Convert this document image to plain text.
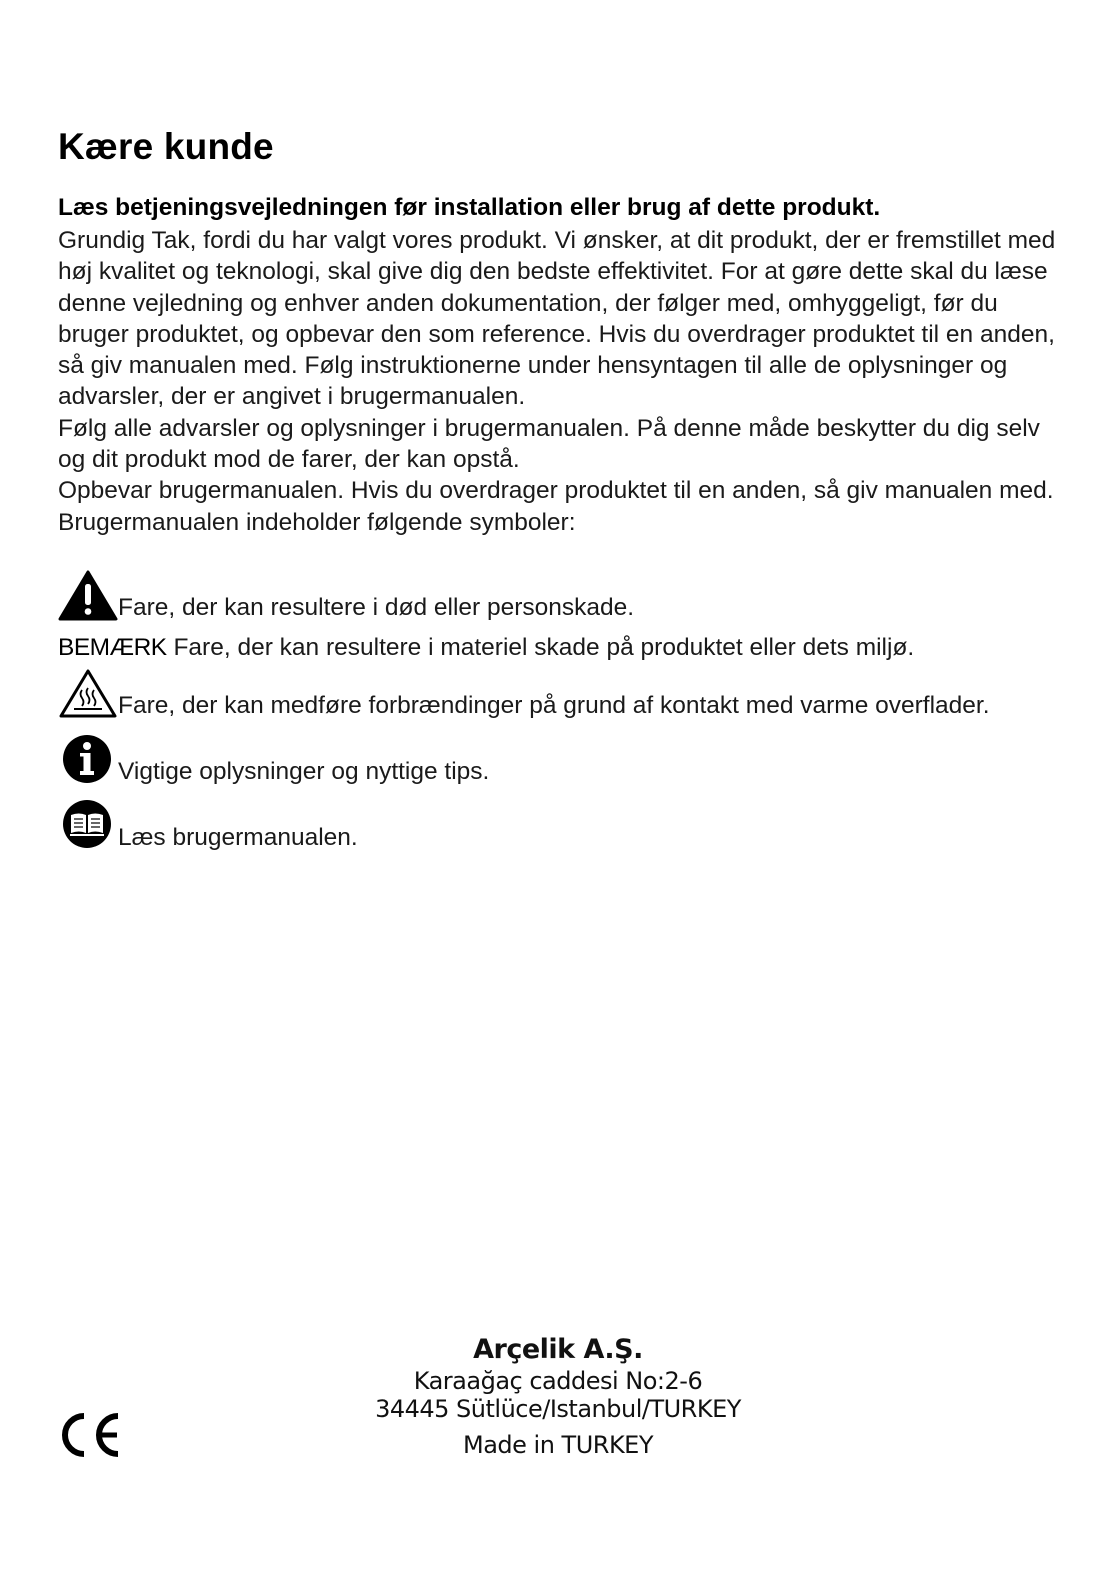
Kære kunde

Læs betjeningsvejledningen før installation eller brug af dette produkt.

Grundig Tak, fordi du har valgt vores produkt. Vi ønsker, at dit produkt, der er fremstillet med høj kvalitet og teknologi, skal give dig den bedste effektivitet. For at gøre dette skal du læse denne vejledning og enhver anden dokumentation, der følger med, omhyggeligt, før du bruger produktet, og opbevar den som reference. Hvis du overdrager produktet til en anden, så giv manualen med. Følg instruktionerne under hensyntagen til alle de oplysninger og advarsler, der er angivet i brugermanualen.

Følg alle advarsler og oplysninger i brugermanualen. På denne måde beskytter du dig selv og dit produkt mod de farer, der kan opstå.

Opbevar brugermanualen. Hvis du overdrager produktet til en anden, så giv manualen med.

Brugermanualen indeholder følgende symboler:

Fare, der kan resultere i død eller personskade.
BEMÆRK Fare, der kan resultere i materiel skade på produktet eller dets miljø.
Fare, der kan medføre forbrændinger på grund af kontakt med varme overflader.
Vigtige oplysninger og nyttige tips.
Læs brugermanualen.
Arçelik A.Ş.
Karaağaç caddesi No:2-6
34445 Sütlüce/Istanbul/TURKEY
Made in TURKEY
